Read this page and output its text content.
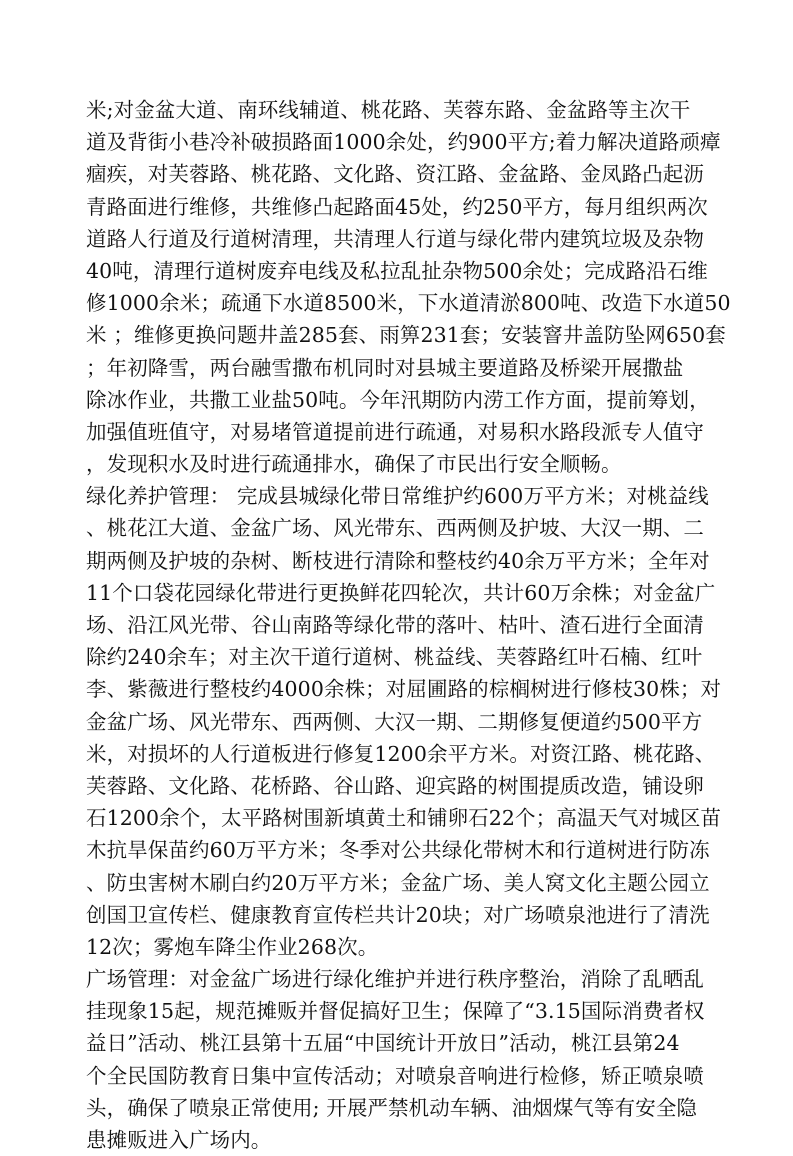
米;对金盆大道、南环线辅道、桃花路、芙蓉东路、金盆路等主次干
道及背街小巷冷补破损路面1000余处，约900平方;着力解决道路顽瘴
痼疾，对芙蓉路、桃花路、文化路、资江路、金盆路、金凤路凸起沥
青路面进行维修，共维修凸起路面45处，约250平方，每月组织两次
道路人行道及行道树清理，共清理人行道与绿化带内建筑垃圾及杂物
40吨，清理行道树废弃电线及私拉乱扯杂物500余处；完成路沿石维
修1000余米；疏通下水道8500米，下水道清淤800吨、改造下水道50
米 ；维修更换问题井盖285套、雨箅231套；安装窨井盖防坠网650套
；年初降雪，两台融雪撒布机同时对县城主要道路及桥梁开展撒盐
除冰作业，共撒工业盐50吨。今年汛期防内涝工作方面，提前筹划，
加强值班值守，对易堵管道提前进行疏通，对易积水路段派专人值守
，发现积水及时进行疏通排水，确保了市民出行安全顺畅。
绿化养护管理： 完成县城绿化带日常维护约600万平方米；对桃益线
、桃花江大道、金盆广场、风光带东、西两侧及护坡、大汉一期、二
期两侧及护坡的杂树、断枝进行清除和整枝约40余万平方米；全年对
11个口袋花园绿化带进行更换鲜花四轮次，共计60万余株；对金盆广
场、沿江风光带、谷山南路等绿化带的落叶、枯叶、渣石进行全面清
除约240余车；对主次干道行道树、桃益线、芙蓉路红叶石楠、红叶
李、紫薇进行整枝约4000余株；对屈圃路的棕榈树进行修枝30株；对
金盆广场、风光带东、西两侧、大汉一期、二期修复便道约500平方
米，对损坏的人行道板进行修复1200余平方米。对资江路、桃花路、
芙蓉路、文化路、花桥路、谷山路、迎宾路的树围提质改造，铺设卵
石1200余个，太平路树围新填黄土和铺卵石22个；高温天气对城区苗
木抗旱保苗约60万平方米；冬季对公共绿化带树木和行道树进行防冻
、防虫害树木刷白约20万平方米；金盆广场、美人窝文化主题公园立
创国卫宣传栏、健康教育宣传栏共计20块；对广场喷泉池进行了清洗
12次；雾炮车降尘作业268次。
广场管理：对金盆广场进行绿化维护并进行秩序整治，消除了乱晒乱
挂现象15起，规范摊贩并督促搞好卫生；保障了“3.15国际消费者权
益日”活动、桃江县第十五届“中国统计开放日”活动，桃江县第24
个全民国防教育日集中宣传活动；对喷泉音响进行检修，矫正喷泉喷
头，确保了喷泉正常使用; 开展严禁机动车辆、油烟煤气等有安全隐
患摊贩进入广场内。
